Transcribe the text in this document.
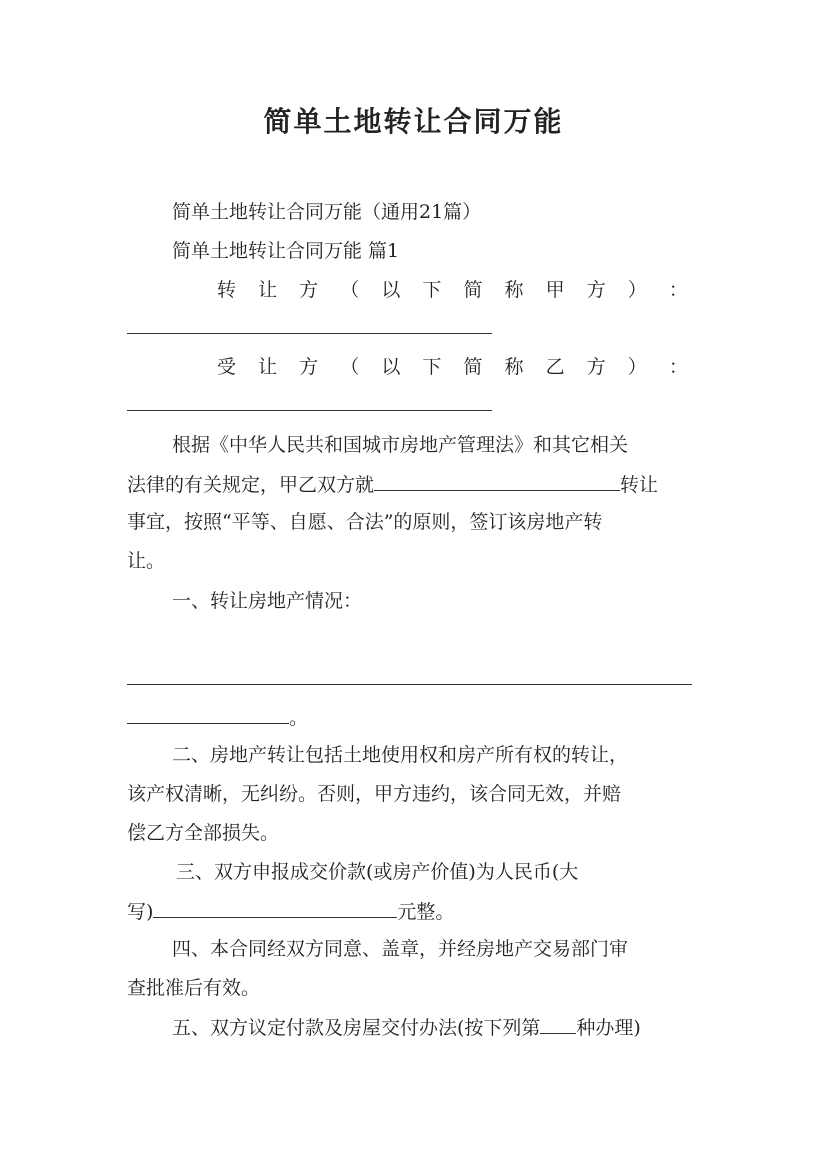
简单土地转让合同万能
简单土地转让合同万能（通用21篇）
简单土地转让合同万能 篇1
转 让 方 （ 以 下 简 称 甲 方 ） ：
受 让 方 （ 以 下 简 称 乙 方 ） ：
根据《中华人民共和国城市房地产管理法》和其它相关
法律的有关规定，甲乙双方就	转让
事宜，按照“平等、自愿、合法”的原则，签订该房地产转
让。
一、转让房地产情况：
。
二、房地产转让包括土地使用权和房产所有权的转让，
该产权清晰，无纠纷。否则，甲方违约，该合同无效，并赔
偿乙方全部损失。
三、双方申报成交价款(或房产价值)为人民币(大
写)	元整。
四、本合同经双方同意、盖章，并经房地产交易部门审
查批准后有效。
五、双方议定付款及房屋交付办法(按下列第 种办理)
